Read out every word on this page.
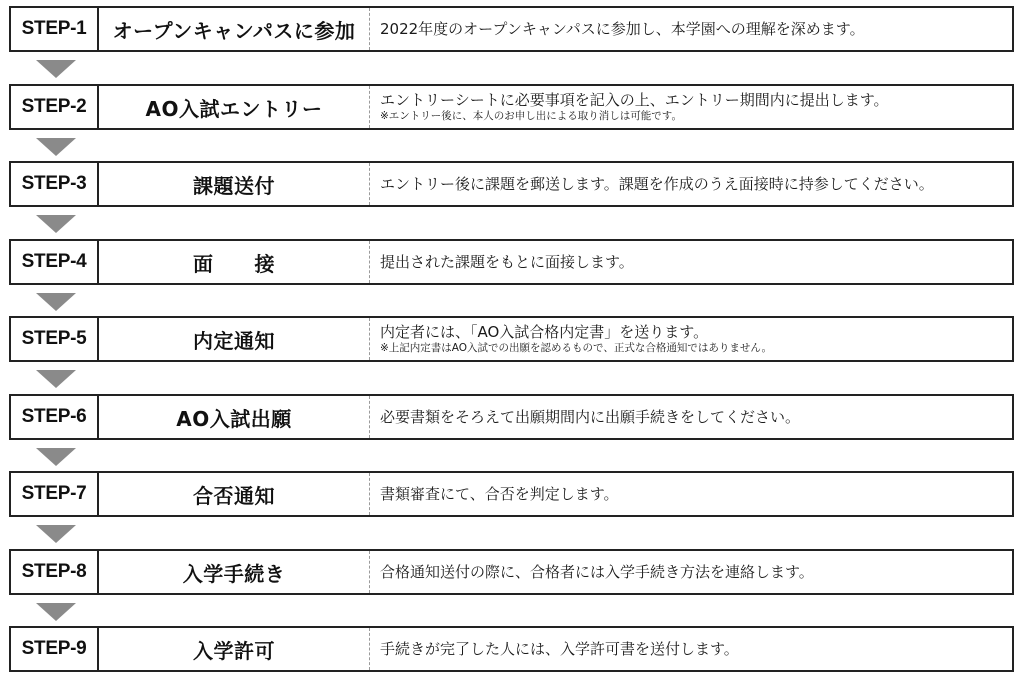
STEP-1	オープンキャンパスに参加	2022年度のオープンキャンパスに参加し、本学園への理解を深めます。
STEP-2	AO入試エントリー	エントリーシートに必要事項を記入の上、エントリー期間内に提出します。
※エントリー後に、本人のお申し出による取り消しは可能です。
STEP-3	課題送付	エントリー後に課題を郵送します。課題を作成のうえ面接時に持参してください。
STEP-4	面　　接	提出された課題をもとに面接します。
STEP-5	内定通知	内定者には、「AO入試合格内定書」を送ります。
※上記内定書はAO入試での出願を認めるもので、正式な合格通知ではありません。
STEP-6	AO入試出願	必要書類をそろえて出願期間内に出願手続きをしてください。
STEP-7	合否通知	書類審査にて、合否を判定します。
STEP-8	入学手続き	合格通知送付の際に、合格者には入学手続き方法を連絡します。
STEP-9	入学許可	手続きが完了した人には、入学許可書を送付します。
